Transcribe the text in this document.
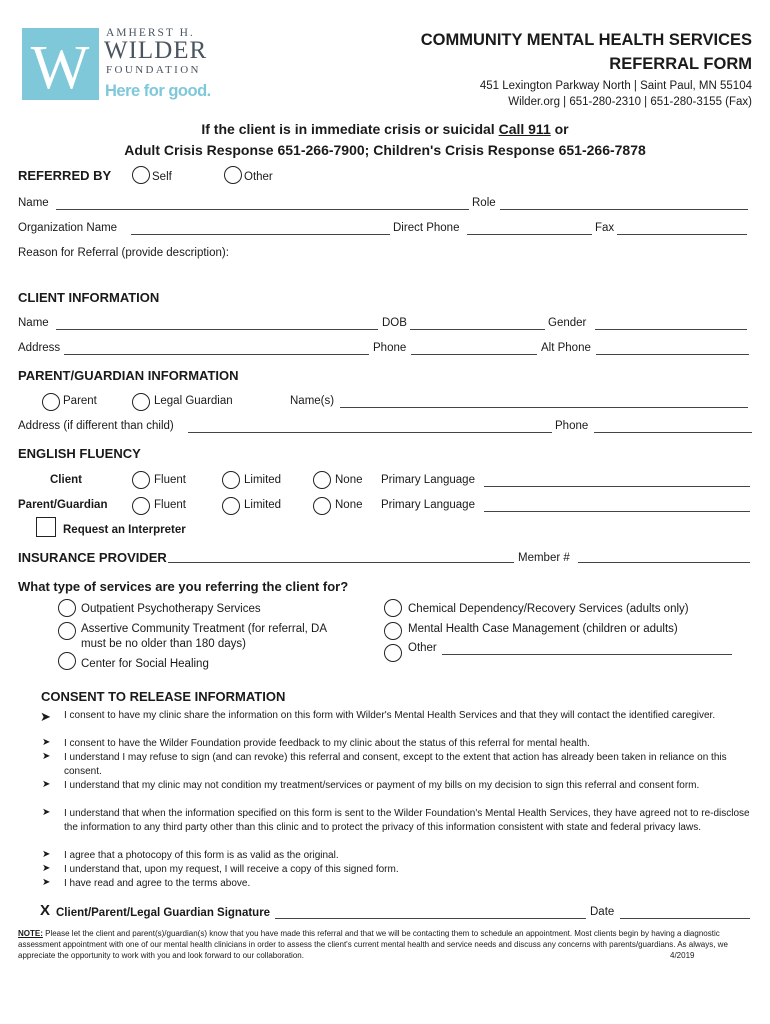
W
AMHERST H.
WILDER
FOUNDATION
Here for good.
COMMUNITY MENTAL HEALTH SERVICES
REFERRAL FORM
451 Lexington Parkway North | Saint Paul, MN 55104
Wilder.org | 651-280-2310 | 651-280-3155 (Fax)
If the client is in immediate crisis or suicidal Call 911 or
Adult Crisis Response 651-266-7900; Children's Crisis Response 651-266-7878
REFERRED BY	Self	Other
Name	Role
Organization Name	Direct Phone	Fax
Reason for Referral (provide description):
CLIENT INFORMATION
Name	DOB	Gender
Address	Phone	Alt Phone
PARENT/GUARDIAN INFORMATION
Parent	Legal Guardian	Name(s)
Address (if different than child)	Phone
ENGLISH FLUENCY
Client	Fluent	Limited	None Primary Language
Parent/Guardian	Fluent	Limited	None Primary Language
Request an Interpreter
INSURANCE PROVIDER	Member #
What type of services are you referring the client for?
Outpatient Psychotherapy Services
Assertive Community Treatment (for referral, DA
must be no older than 180 days)
Center for Social Healing
Chemical Dependency/Recovery Services (adults only)
Mental Health Case Management (children or adults)
Other
CONSENT TO RELEASE INFORMATION
➤ I consent to have my clinic share the information on this form with Wilder's Mental Health Services and that they will contact the identified caregiver.
➤ I consent to have the Wilder Foundation provide feedback to my clinic about the status of this referral for mental health.
➤ I understand I may refuse to sign (and can revoke) this referral and consent, except to the extent that action has already been taken in reliance on this consent.
➤ I understand that my clinic may not condition my treatment/services or payment of my bills on my decision to sign this referral and consent form.
➤ I understand that when the information specified on this form is sent to the Wilder Foundation's Mental Health Services, they have agreed not to re-disclose the information to any third party other than this clinic and to protect the privacy of this information consistent with state and federal privacy laws.
➤ I agree that a photocopy of this form is as valid as the original.
➤ I understand that, upon my request, I will receive a copy of this signed form.
➤ I have read and agree to the terms above.
X Client/Parent/Legal Guardian Signature	Date
NOTE: Please let the client and parent(s)/guardian(s) know that you have made this referral and that we will be contacting them to schedule an appointment. Most clients begin by having a diagnostic assessment appointment with one of our mental health clinicians in order to assess the client's current mental health and service needs and discuss any concerns with parents/guardians. As always, we appreciate the opportunity to work with you and look forward to our collaboration.	4/2019
